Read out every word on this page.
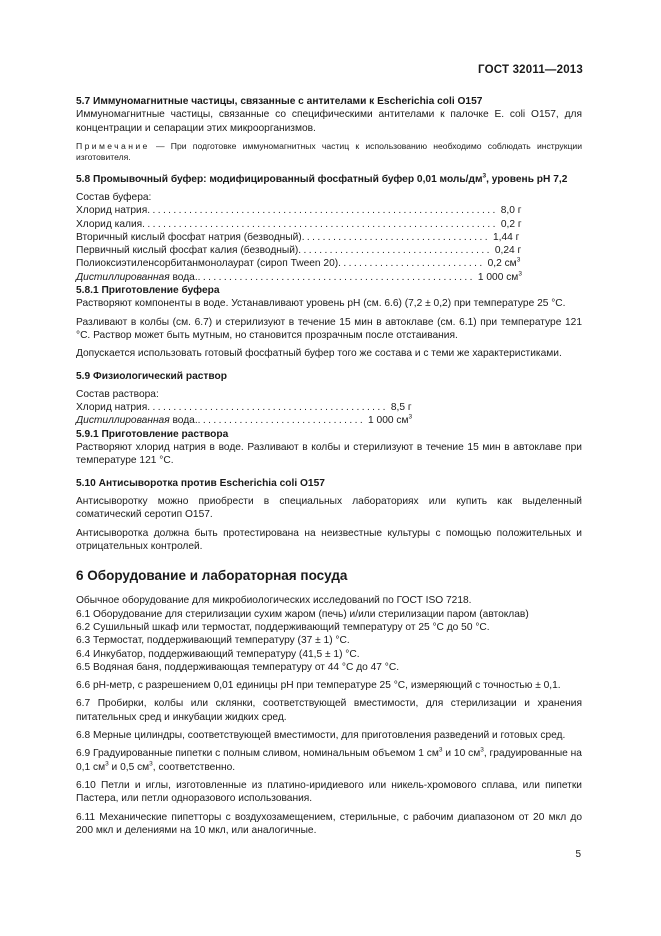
ГОСТ 32011—2013

5.7 Иммуномагнитные частицы, связанные с антителами к Escherichia coli O157

Иммуномагнитные частицы, связанные со специфическими антителами к палочке E. coli O157, для концентрации и сепарации этих микроорганизмов.

Примечание — При подготовке иммуномагнитных частиц к использованию необходимо соблюдать инструкции изготовителя.

5.8 Промывочный буфер: модифицированный фосфатный буфер 0,01 моль/$дм^3$, уровень рН 7,2

Состав буфера:

Хлорид натрия ................................................................... 8,0 г
Хлорид калия .................................................................... 0,2 г
Вторичный кислый фосфат натрия (безводный) .................................... 1,44 г
Первичный кислый фосфат калия (безводный) ..................................... 0,24 г
Полиоксиэтиленсорбитанмонолаурат (сироп Tween 20) ............................ 0,2 $см^3$
Дистиллированная вода. ..................................................... 1 000 $см^3$

5.8.1 Приготовление буфера

Растворяют компоненты в воде. Устанавливают уровень рН (см. 6.6) (7,2 ± 0,2) при температуре 25 °С.

Разливают в колбы (см. 6.7) и стерилизуют в течение 15 мин в автоклаве (см. 6.1) при температуре 121 °С. Раствор может быть мутным, но становится прозрачным после отстаивания.

Допускается использовать готовый фосфатный буфер того же состава и с теми же характеристиками.

5.9 Физиологический раствор

Состав раствора:

Хлорид натрия .............................................. 8,5 г
Дистиллированная вода. ................................ 1 000 $см^3$

5.9.1 Приготовление раствора

Растворяют хлорид натрия в воде. Разливают в колбы и стерилизуют в течение 15 мин в автоклаве при температуре 121 °С.

5.10 Антисыворотка против Escherichia coli O157

Антисыворотку можно приобрести в специальных лабораториях или купить как выделенный соматический серотип O157.

Антисыворотка должна быть протестирована на неизвестные культуры с помощью положительных и отрицательных контролей.

6 Оборудование и лабораторная посуда

Обычное оборудование для микробиологических исследований по ГОСТ ISO 7218.

6.1 Оборудование для стерилизации сухим жаром (печь) и/или стерилизации паром (автоклав)

6.2 Сушильный шкаф или термостат, поддерживающий температуру от 25 °С до 50 °С.

6.3 Термостат, поддерживающий температуру (37 ± 1) °С.

6.4 Инкубатор, поддерживающий температуру (41,5 ± 1) °С.

6.5 Водяная баня, поддерживающая температуру от 44 °С до 47 °С.

6.6 рН-метр, с разрешением 0,01 единицы рН при температуре 25 °С, измеряющий с точностью ± 0,1.

6.7 Пробирки, колбы или склянки, соответствующей вместимости, для стерилизации и хранения питательных сред и инкубации жидких сред.

6.8 Мерные цилиндры, соответствующей вместимости, для приготовления разведений и готовых сред.

6.9 Градуированные пипетки с полным сливом, номинальным объемом 1 $см^3$ и 10 $см^3$, градуированные на 0,1 $см^3$ и 0,5 $см^3$, соответственно.

6.10 Петли и иглы, изготовленные из платино-иридиевого или никель-хромового сплава, или пипетки Пастера, или петли одноразового использования.

6.11 Механические пипетторы с воздухозамещением, стерильные, с рабочим диапазоном от 20 мкл до 200 мкл и делениями на 10 мкл, или аналогичные.

5
